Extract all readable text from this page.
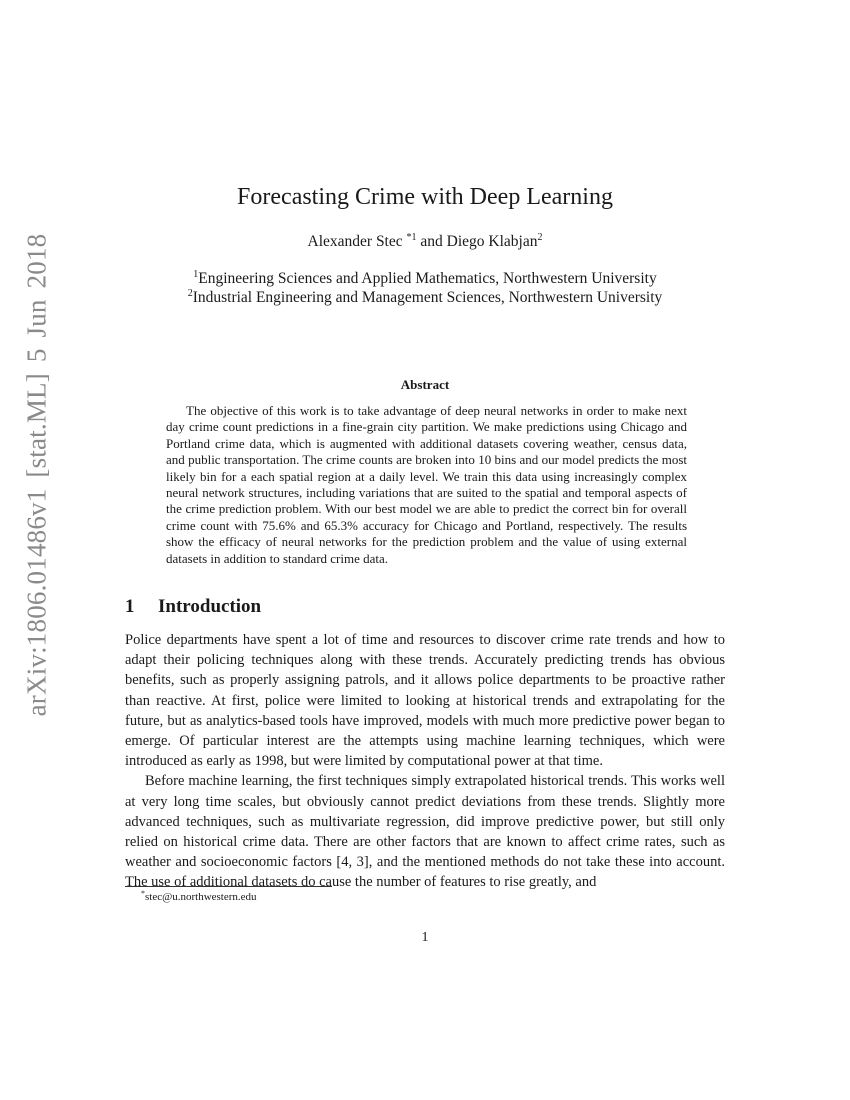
arXiv:1806.01486v1 [stat.ML] 5 Jun 2018
Forecasting Crime with Deep Learning
Alexander Stec $^{*1}$ and Diego Klabjan$^2$
$^1$Engineering Sciences and Applied Mathematics, Northwestern University
$^2$Industrial Engineering and Management Sciences, Northwestern University
Abstract

The objective of this work is to take advantage of deep neural networks in order to make next day crime count predictions in a fine-grain city partition. We make predictions using Chicago and Portland crime data, which is augmented with additional datasets covering weather, census data, and public transportation. The crime counts are broken into 10 bins and our model predicts the most likely bin for a each spatial region at a daily level. We train this data using increasingly complex neural network structures, including variations that are suited to the spatial and temporal aspects of the crime prediction problem. With our best model we are able to predict the correct bin for overall crime count with 75.6% and 65.3% accuracy for Chicago and Portland, respectively. The results show the efficacy of neural networks for the prediction problem and the value of using external datasets in addition to standard crime data.

1 Introduction

Police departments have spent a lot of time and resources to discover crime rate trends and how to adapt their policing techniques along with these trends. Accurately predicting trends has obvious benefits, such as properly assigning patrols, and it allows police departments to be proactive rather than reactive. At first, police were limited to looking at historical trends and extrapolating for the future, but as analytics-based tools have improved, models with much more predictive power began to emerge. Of particular interest are the attempts using machine learning techniques, which were introduced as early as 1998, but were limited by computational power at that time.

Before machine learning, the first techniques simply extrapolated historical trends. This works well at very long time scales, but obviously cannot predict deviations from these trends. Slightly more advanced techniques, such as multivariate regression, did improve predictive power, but still only relied on historical crime data. There are other factors that are known to affect crime rates, such as weather and socioeconomic factors [4, 3], and the mentioned methods do not take these into account. The use of additional datasets do cause the number of features to rise greatly, and

*stec@u.northwestern.edu
1
